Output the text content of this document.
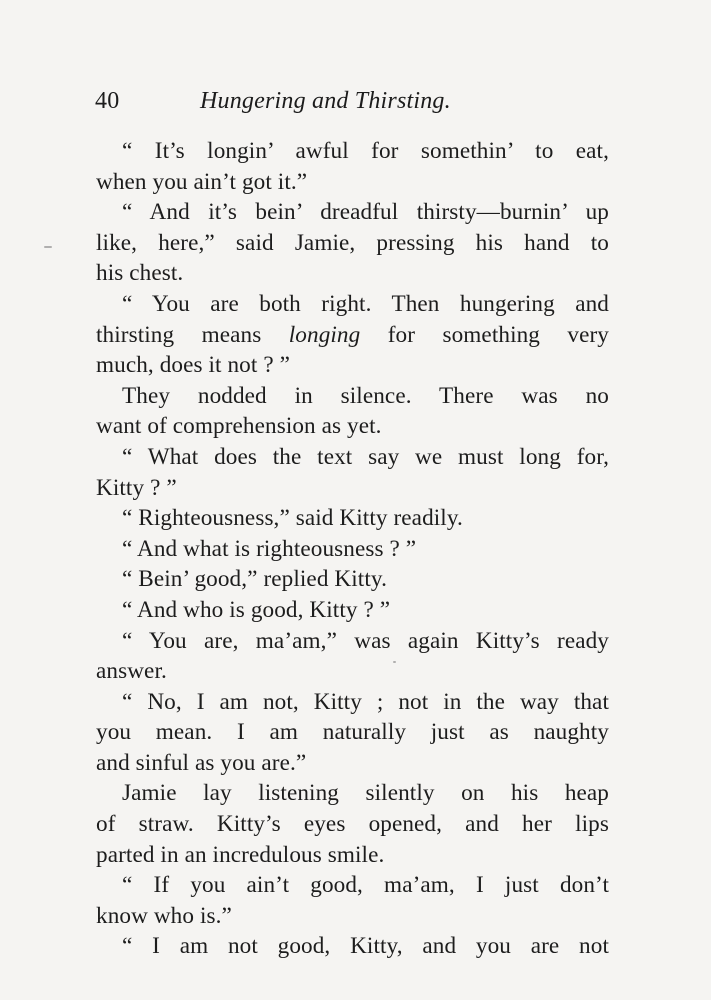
40	Hungering and Thirsting.
“ It’s longin’ awful for somethin’ to eat,
when you ain’t got it.”
“ And it’s bein’ dreadful thirsty—burnin’ up
like, here,” said Jamie, pressing his hand to
his chest.
“ You are both right. Then hungering and
thirsting means longing for something very
much, does it not ? ”
They nodded in silence. There was no
want of comprehension as yet.
“ What does the text say we must long for,
Kitty ? ”
“ Righteousness,” said Kitty readily.
“ And what is righteousness ? ”
“ Bein’ good,” replied Kitty.
“ And who is good, Kitty ? ”
“ You are, ma’am,” was again Kitty’s ready
answer.
“ No, I am not, Kitty ; not in the way that
you mean. I am naturally just as naughty
and sinful as you are.”
Jamie lay listening silently on his heap
of straw. Kitty’s eyes opened, and her lips
parted in an incredulous smile.
“ If you ain’t good, ma’am, I just don’t
know who is.”
“ I am not good, Kitty, and you are not
